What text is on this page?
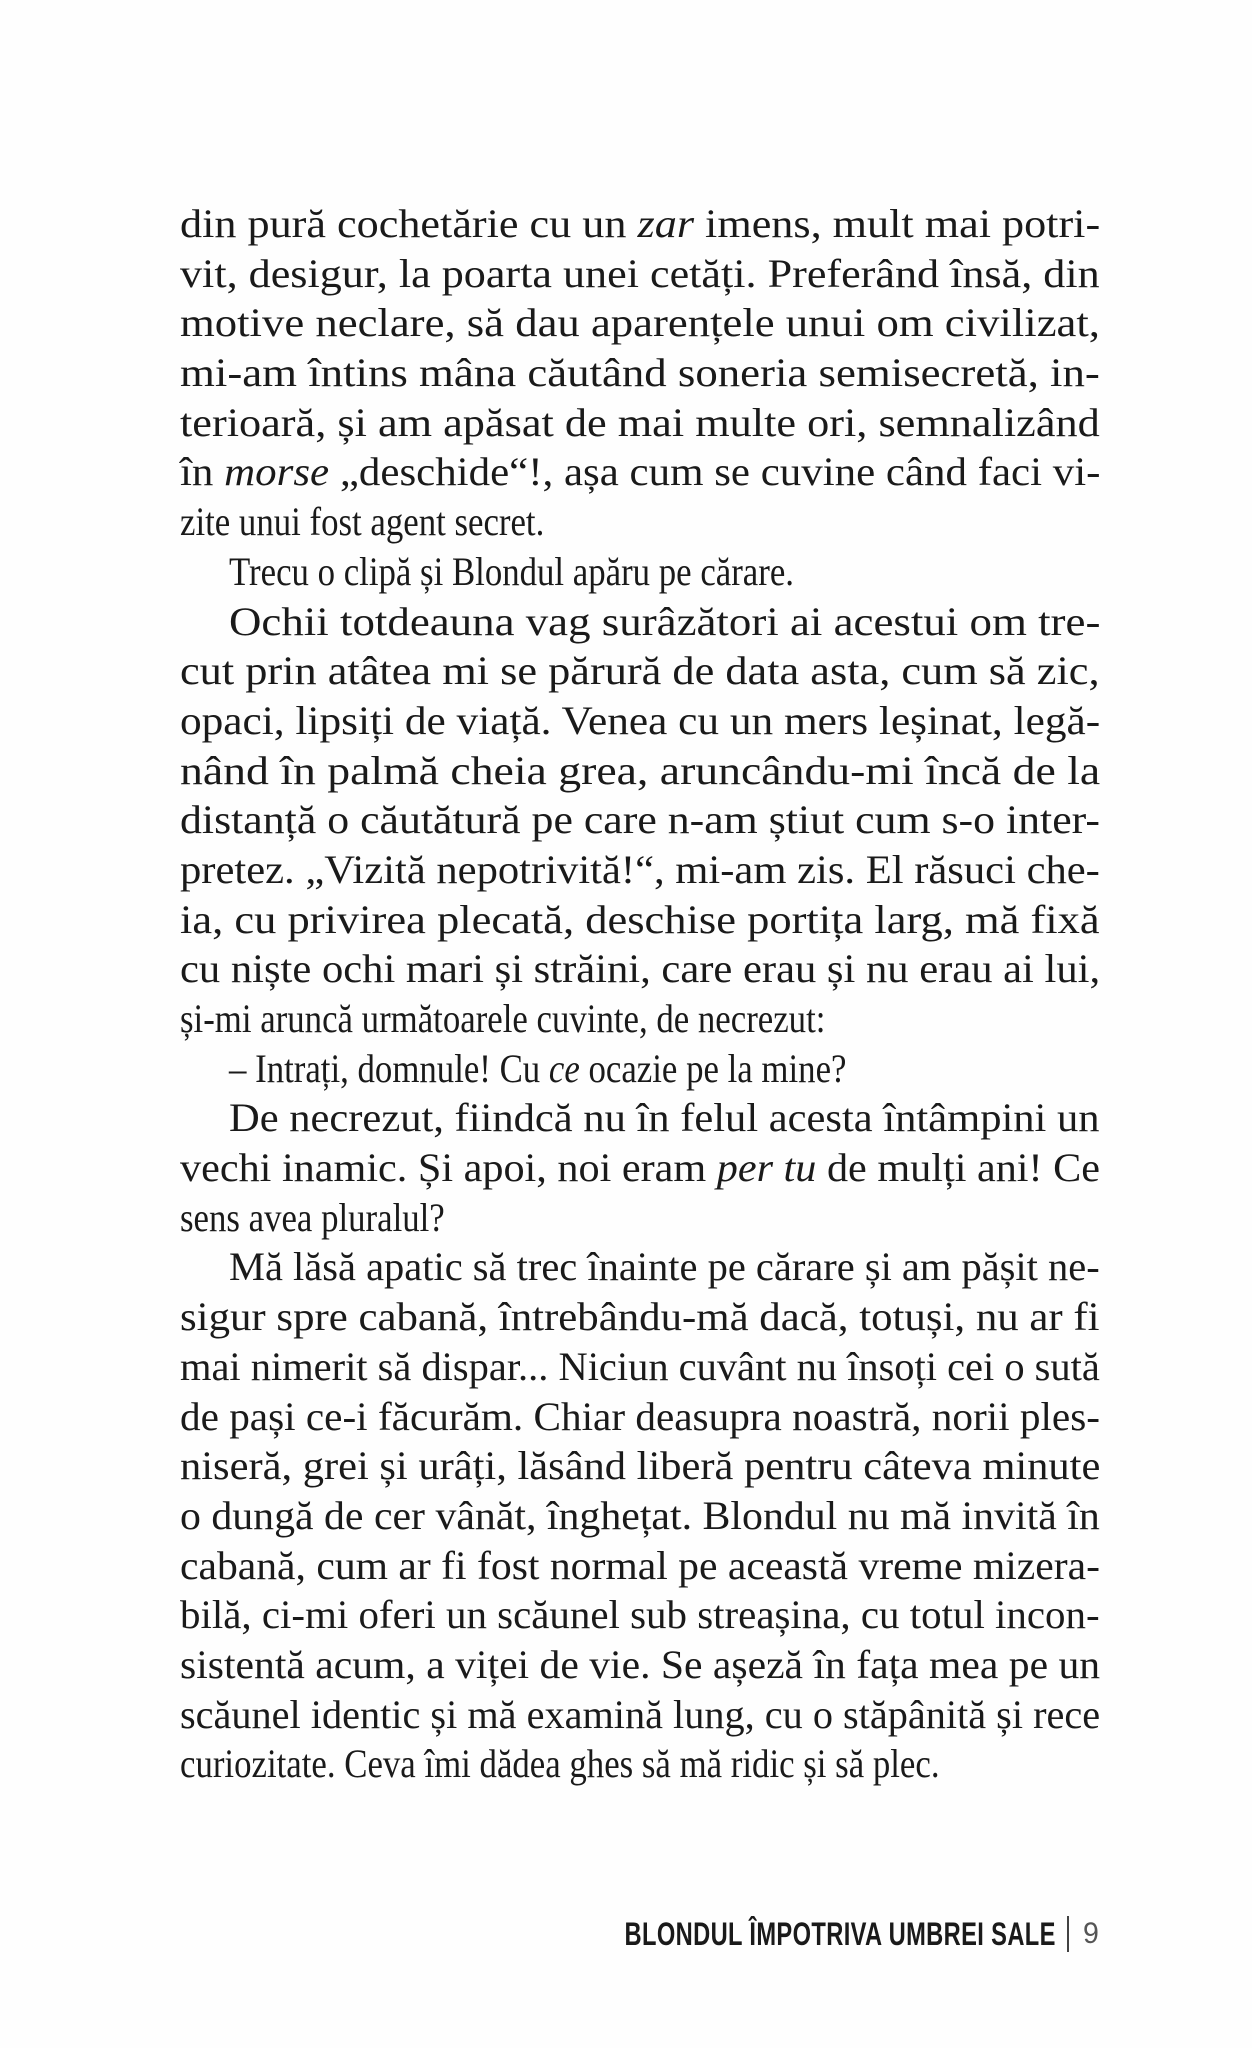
din pură cochetărie cu un zar imens, mult mai potri-
vit, desigur, la poarta unei cetăți. Preferând însă, din
motive neclare, să dau aparențele unui om civilizat,
mi-am întins mâna căutând soneria semisecretă, in-
terioară, și am apăsat de mai multe ori, semnalizând
în morse „deschide“!, așa cum se cuvine când faci vi-
zite unui fost agent secret.
Trecu o clipă și Blondul apăru pe cărare.
Ochii totdeauna vag surâzători ai acestui om tre-
cut prin atâtea mi se părură de data asta, cum să zic,
opaci, lipsiți de viață. Venea cu un mers leșinat, legă-
nând în palmă cheia grea, aruncându-mi încă de la
distanță o căutătură pe care n-am știut cum s-o inter-
pretez. „Vizită nepotrivită!“, mi-am zis. El răsuci che-
ia, cu privirea plecată, deschise portița larg, mă fixă
cu niște ochi mari și străini, care erau și nu erau ai lui,
și-mi aruncă următoarele cuvinte, de necrezut:
– Intrați, domnule! Cu ce ocazie pe la mine?
De necrezut, fiindcă nu în felul acesta întâmpini un
vechi inamic. Și apoi, noi eram per tu de mulți ani! Ce
sens avea pluralul?
Mă lăsă apatic să trec înainte pe cărare și am pășit ne-
sigur spre cabană, întrebându-mă dacă, totuși, nu ar fi
mai nimerit să dispar... Niciun cuvânt nu însoți cei o sută
de pași ce-i făcurăm. Chiar deasupra noastră, norii ples-
niseră, grei și urâți, lăsând liberă pentru câteva minute
o dungă de cer vânăt, înghețat. Blondul nu mă invită în
cabană, cum ar fi fost normal pe această vreme mizera-
bilă, ci-mi oferi un scăunel sub streașina, cu totul incon-
sistentă acum, a viței de vie. Se așeză în fața mea pe un
scăunel identic și mă examină lung, cu o stăpânită și rece
curiozitate. Ceva îmi dădea ghes să mă ridic și să plec.
BLONDUL ÎMPOTRIVA UMBREI SALE 9
